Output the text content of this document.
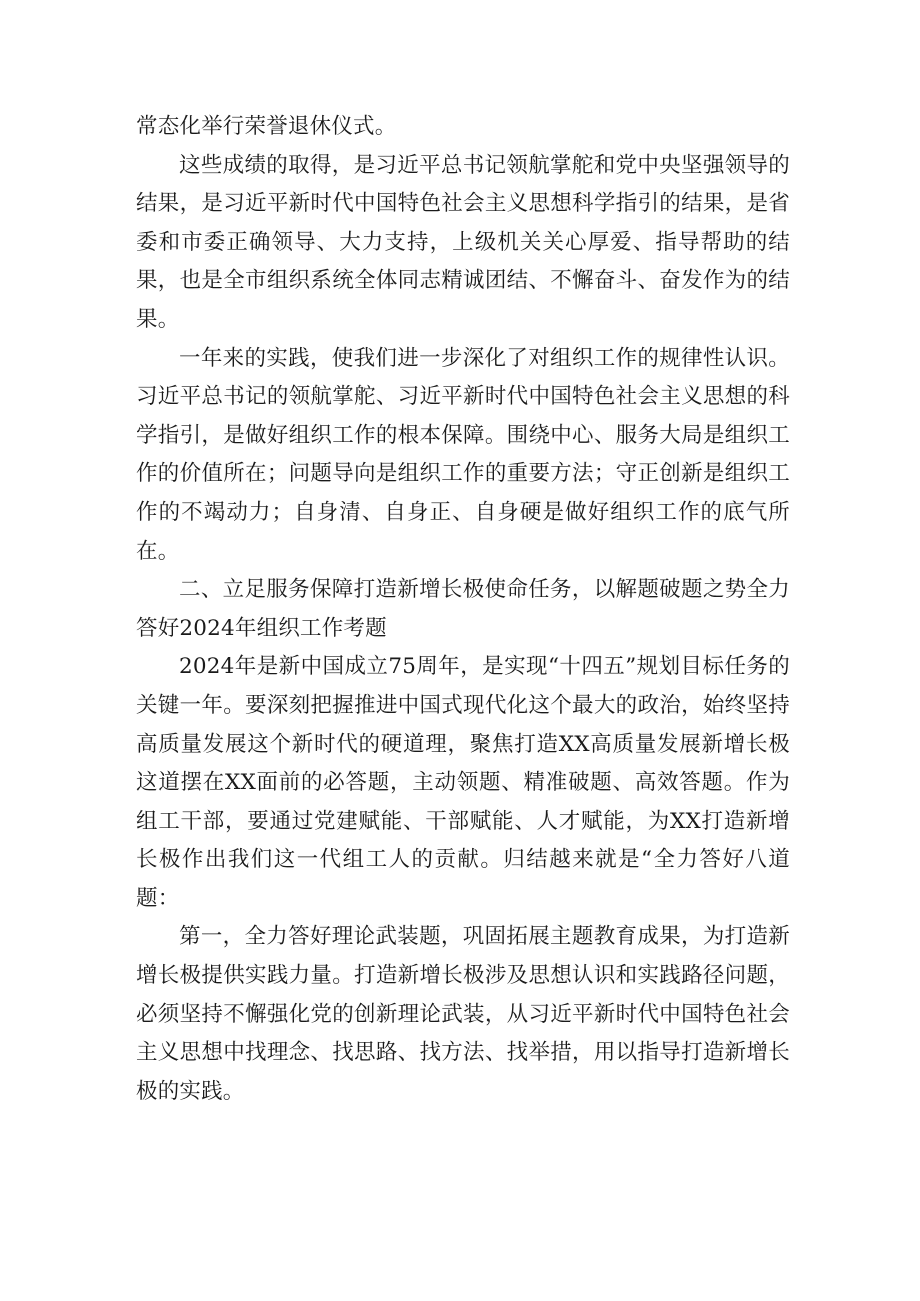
常态化举行荣誉退休仪式。

这些成绩的取得，是习近平总书记领航掌舵和党中央坚强领导的结果，是习近平新时代中国特色社会主义思想科学指引的结果，是省委和市委正确领导、大力支持，上级机关关心厚爱、指导帮助的结果，也是全市组织系统全体同志精诚团结、不懈奋斗、奋发作为的结果。

一年来的实践，使我们进一步深化了对组织工作的规律性认识。习近平总书记的领航掌舵、习近平新时代中国特色社会主义思想的科学指引，是做好组织工作的根本保障。围绕中心、服务大局是组织工作的价值所在；问题导向是组织工作的重要方法；守正创新是组织工作的不竭动力；自身清、自身正、自身硬是做好组织工作的底气所在。

二、立足服务保障打造新增长极使命任务，以解题破题之势全力答好2024年组织工作考题

2024年是新中国成立75周年，是实现“十四五”规划目标任务的关键一年。要深刻把握推进中国式现代化这个最大的政治，始终坚持高质量发展这个新时代的硬道理，聚焦打造XX高质量发展新增长极这道摆在XX面前的必答题，主动领题、精准破题、高效答题。作为组工干部，要通过党建赋能、干部赋能、人才赋能，为XX打造新增长极作出我们这一代组工人的贡献。归结越来就是“全力答好八道题：

第一，全力答好理论武装题，巩固拓展主题教育成果，为打造新增长极提供实践力量。打造新增长极涉及思想认识和实践路径问题，必须坚持不懈强化党的创新理论武装，从习近平新时代中国特色社会主义思想中找理念、找思路、找方法、找举措，用以指导打造新增长极的实践。
